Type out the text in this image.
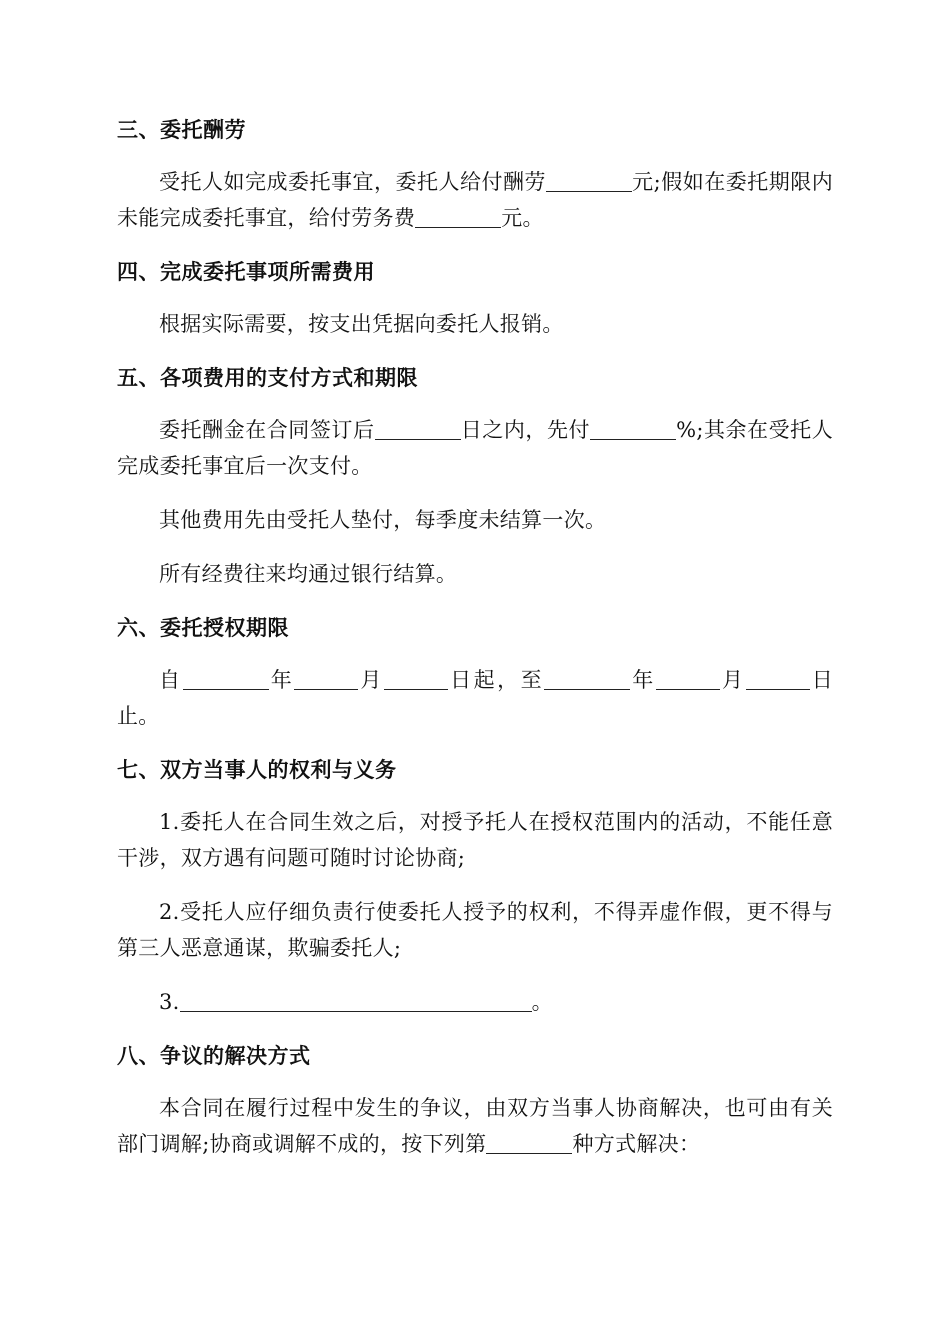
三、委托酬劳

受托人如完成委托事宜，委托人给付酬劳	元;假如在委托期限内未能完成委托事宜，给付劳务费	元。

四、完成委托事项所需费用

根据实际需要，按支出凭据向委托人报销。

五、各项费用的支付方式和期限

委托酬金在合同签订后	日之内，先付	%;其余在受托人完成委托事宜后一次支付。

其他费用先由受托人垫付，每季度未结算一次。

所有经费往来均通过银行结算。

六、委托授权期限

自	年	月	日起，至	年	月	日止。

七、双方当事人的权利与义务

1.委托人在合同生效之后，对授予托人在授权范围内的活动，不能任意干涉，双方遇有问题可随时讨论协商;

2.受托人应仔细负责行使委托人授予的权利，不得弄虚作假，更不得与第三人恶意通谋，欺骗委托人;

3.	。

八、争议的解决方式

本合同在履行过程中发生的争议，由双方当事人协商解决，也可由有关部门调解;协商或调解不成的，按下列第	种方式解决：
